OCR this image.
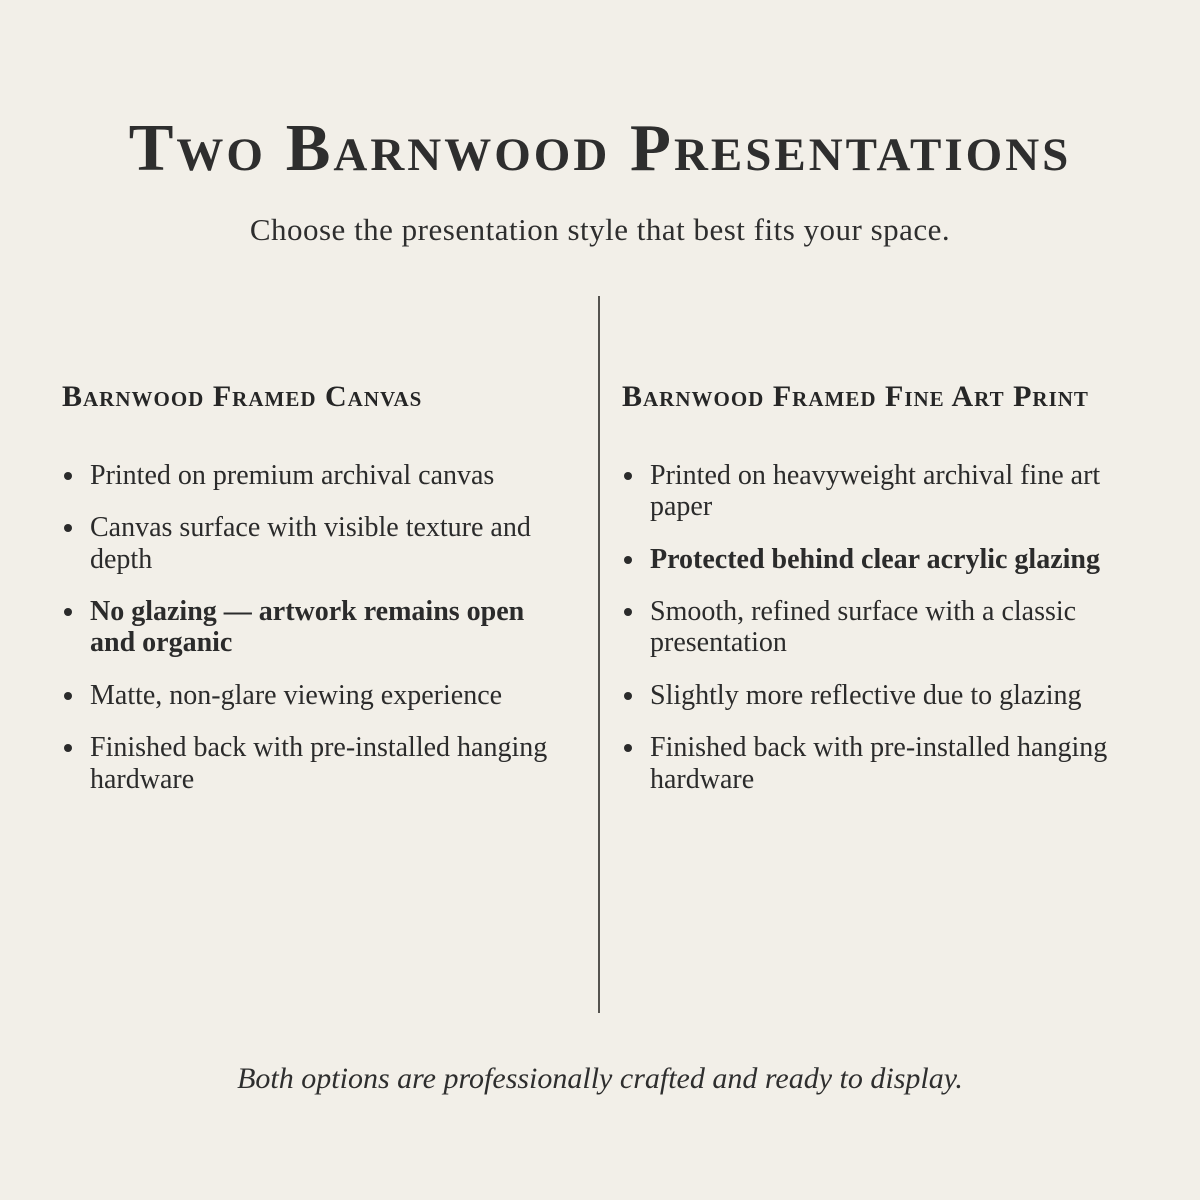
Two Barnwood Presentations
Choose the presentation style that best fits your space.
Barnwood Framed Canvas
Printed on premium archival canvas
Canvas surface with visible texture and depth
No glazing — artwork remains open and organic
Matte, non-glare viewing experience
Finished back with pre-installed hanging hardware
Barnwood Framed Fine Art Print
Printed on heavyweight archival fine art paper
Protected behind clear acrylic glazing
Smooth, refined surface with a classic presentation
Slightly more reflective due to glazing
Finished back with pre-installed hanging hardware
Both options are professionally crafted and ready to display.
